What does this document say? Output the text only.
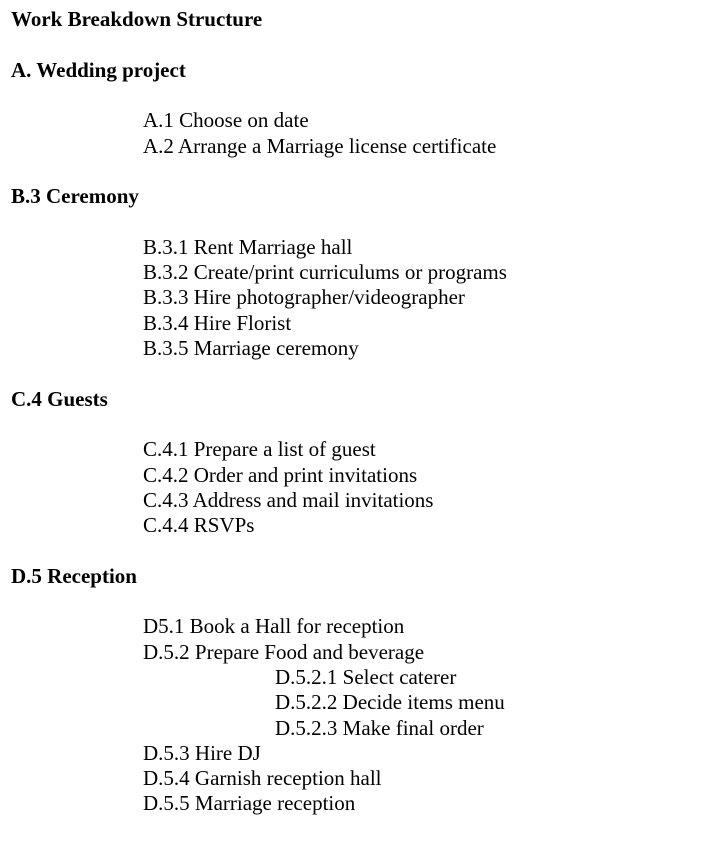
Work Breakdown Structure
A. Wedding project
A.1 Choose on date
A.2 Arrange a Marriage license certificate
B.3 Ceremony
B.3.1 Rent Marriage hall
B.3.2 Create/print curriculums or programs
B.3.3 Hire photographer/videographer
B.3.4 Hire Florist
B.3.5 Marriage ceremony
C.4 Guests
C.4.1 Prepare a list of guest
C.4.2 Order and print invitations
C.4.3 Address and mail invitations
C.4.4 RSVPs
D.5 Reception
D5.1 Book a Hall for reception
D.5.2 Prepare Food and beverage
D.5.2.1 Select caterer
D.5.2.2 Decide items menu
D.5.2.3 Make final order
D.5.3 Hire DJ
D.5.4 Garnish reception hall
D.5.5 Marriage reception
